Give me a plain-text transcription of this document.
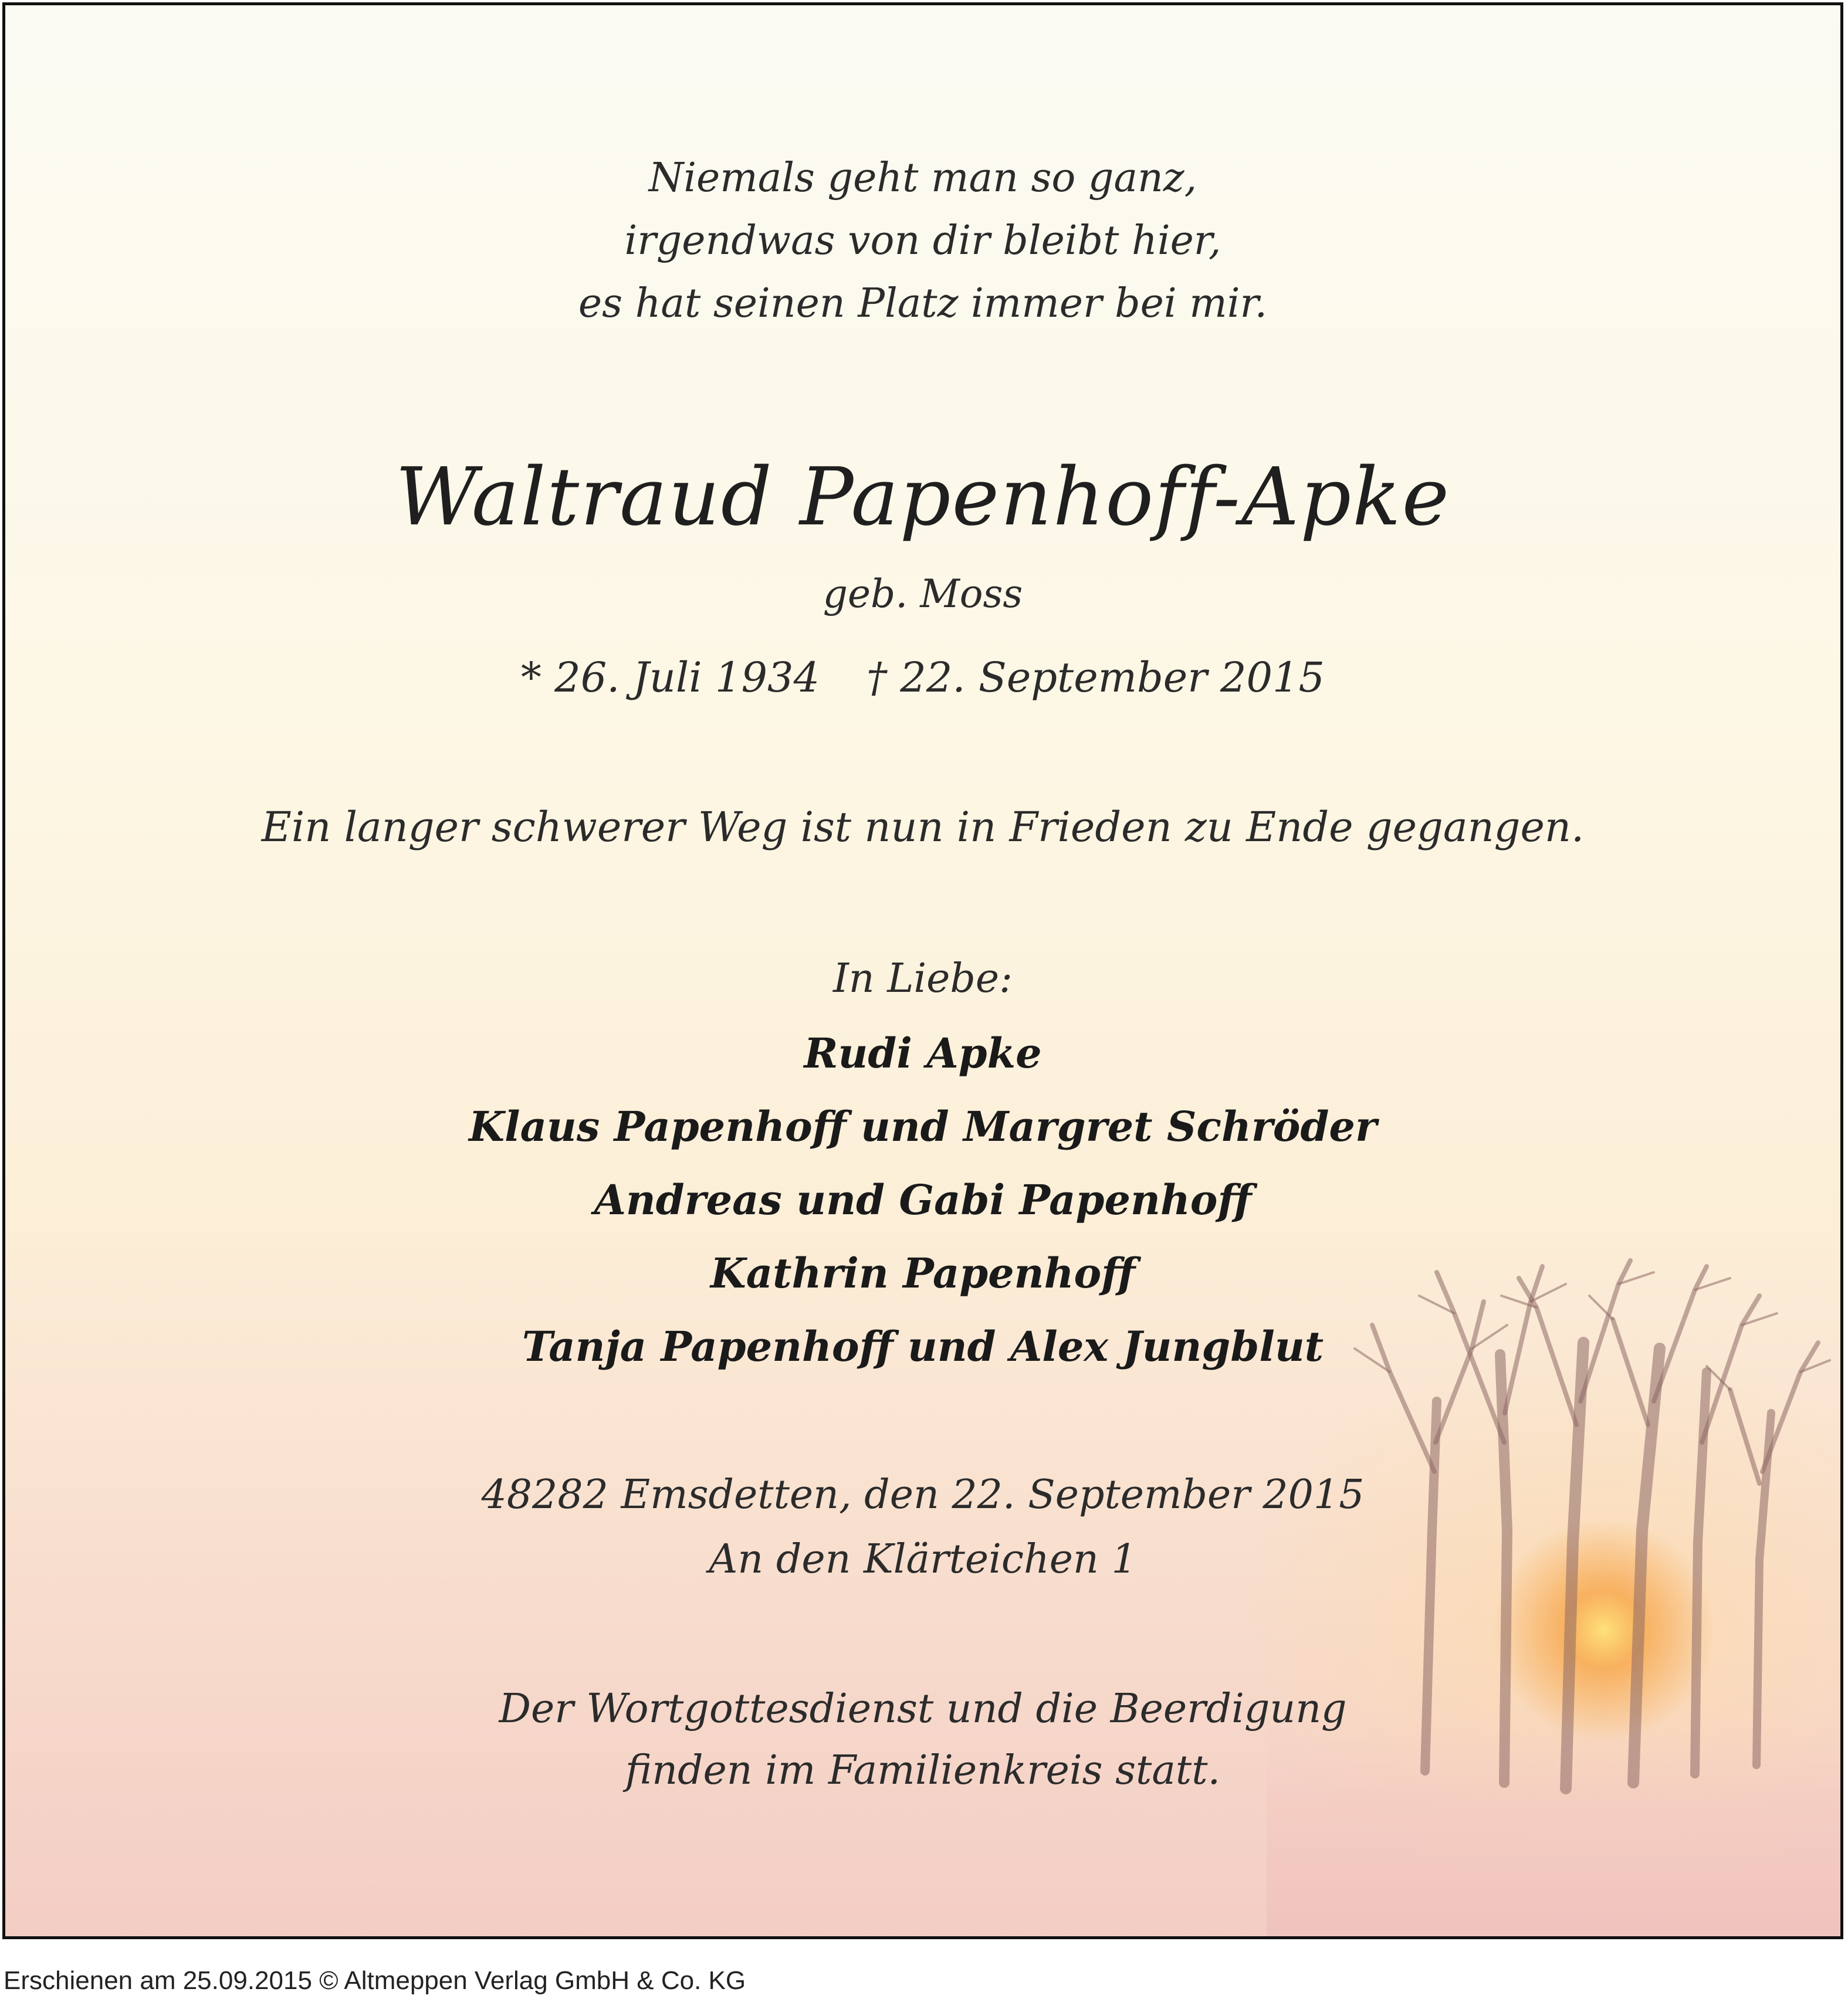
Niemals geht man so ganz,
irgendwas von dir bleibt hier,
es hat seinen Platz immer bei mir.
Waltraud Papenhoff-Apke
geb. Moss
* 26. Juli 1934 † 22. September 2015
Ein langer schwerer Weg ist nun in Frieden zu Ende gegangen.
In Liebe:
Rudi Apke
Klaus Papenhoff und Margret Schröder
Andreas und Gabi Papenhoff
Kathrin Papenhoff
Tanja Papenhoff und Alex Jungblut
48282 Emsdetten, den 22. September 2015
An den Klärteichen 1
Der Wortgottesdienst und die Beerdigung
finden im Familienkreis statt.
Erschienen am 25.09.2015 © Altmeppen Verlag GmbH & Co. KG
